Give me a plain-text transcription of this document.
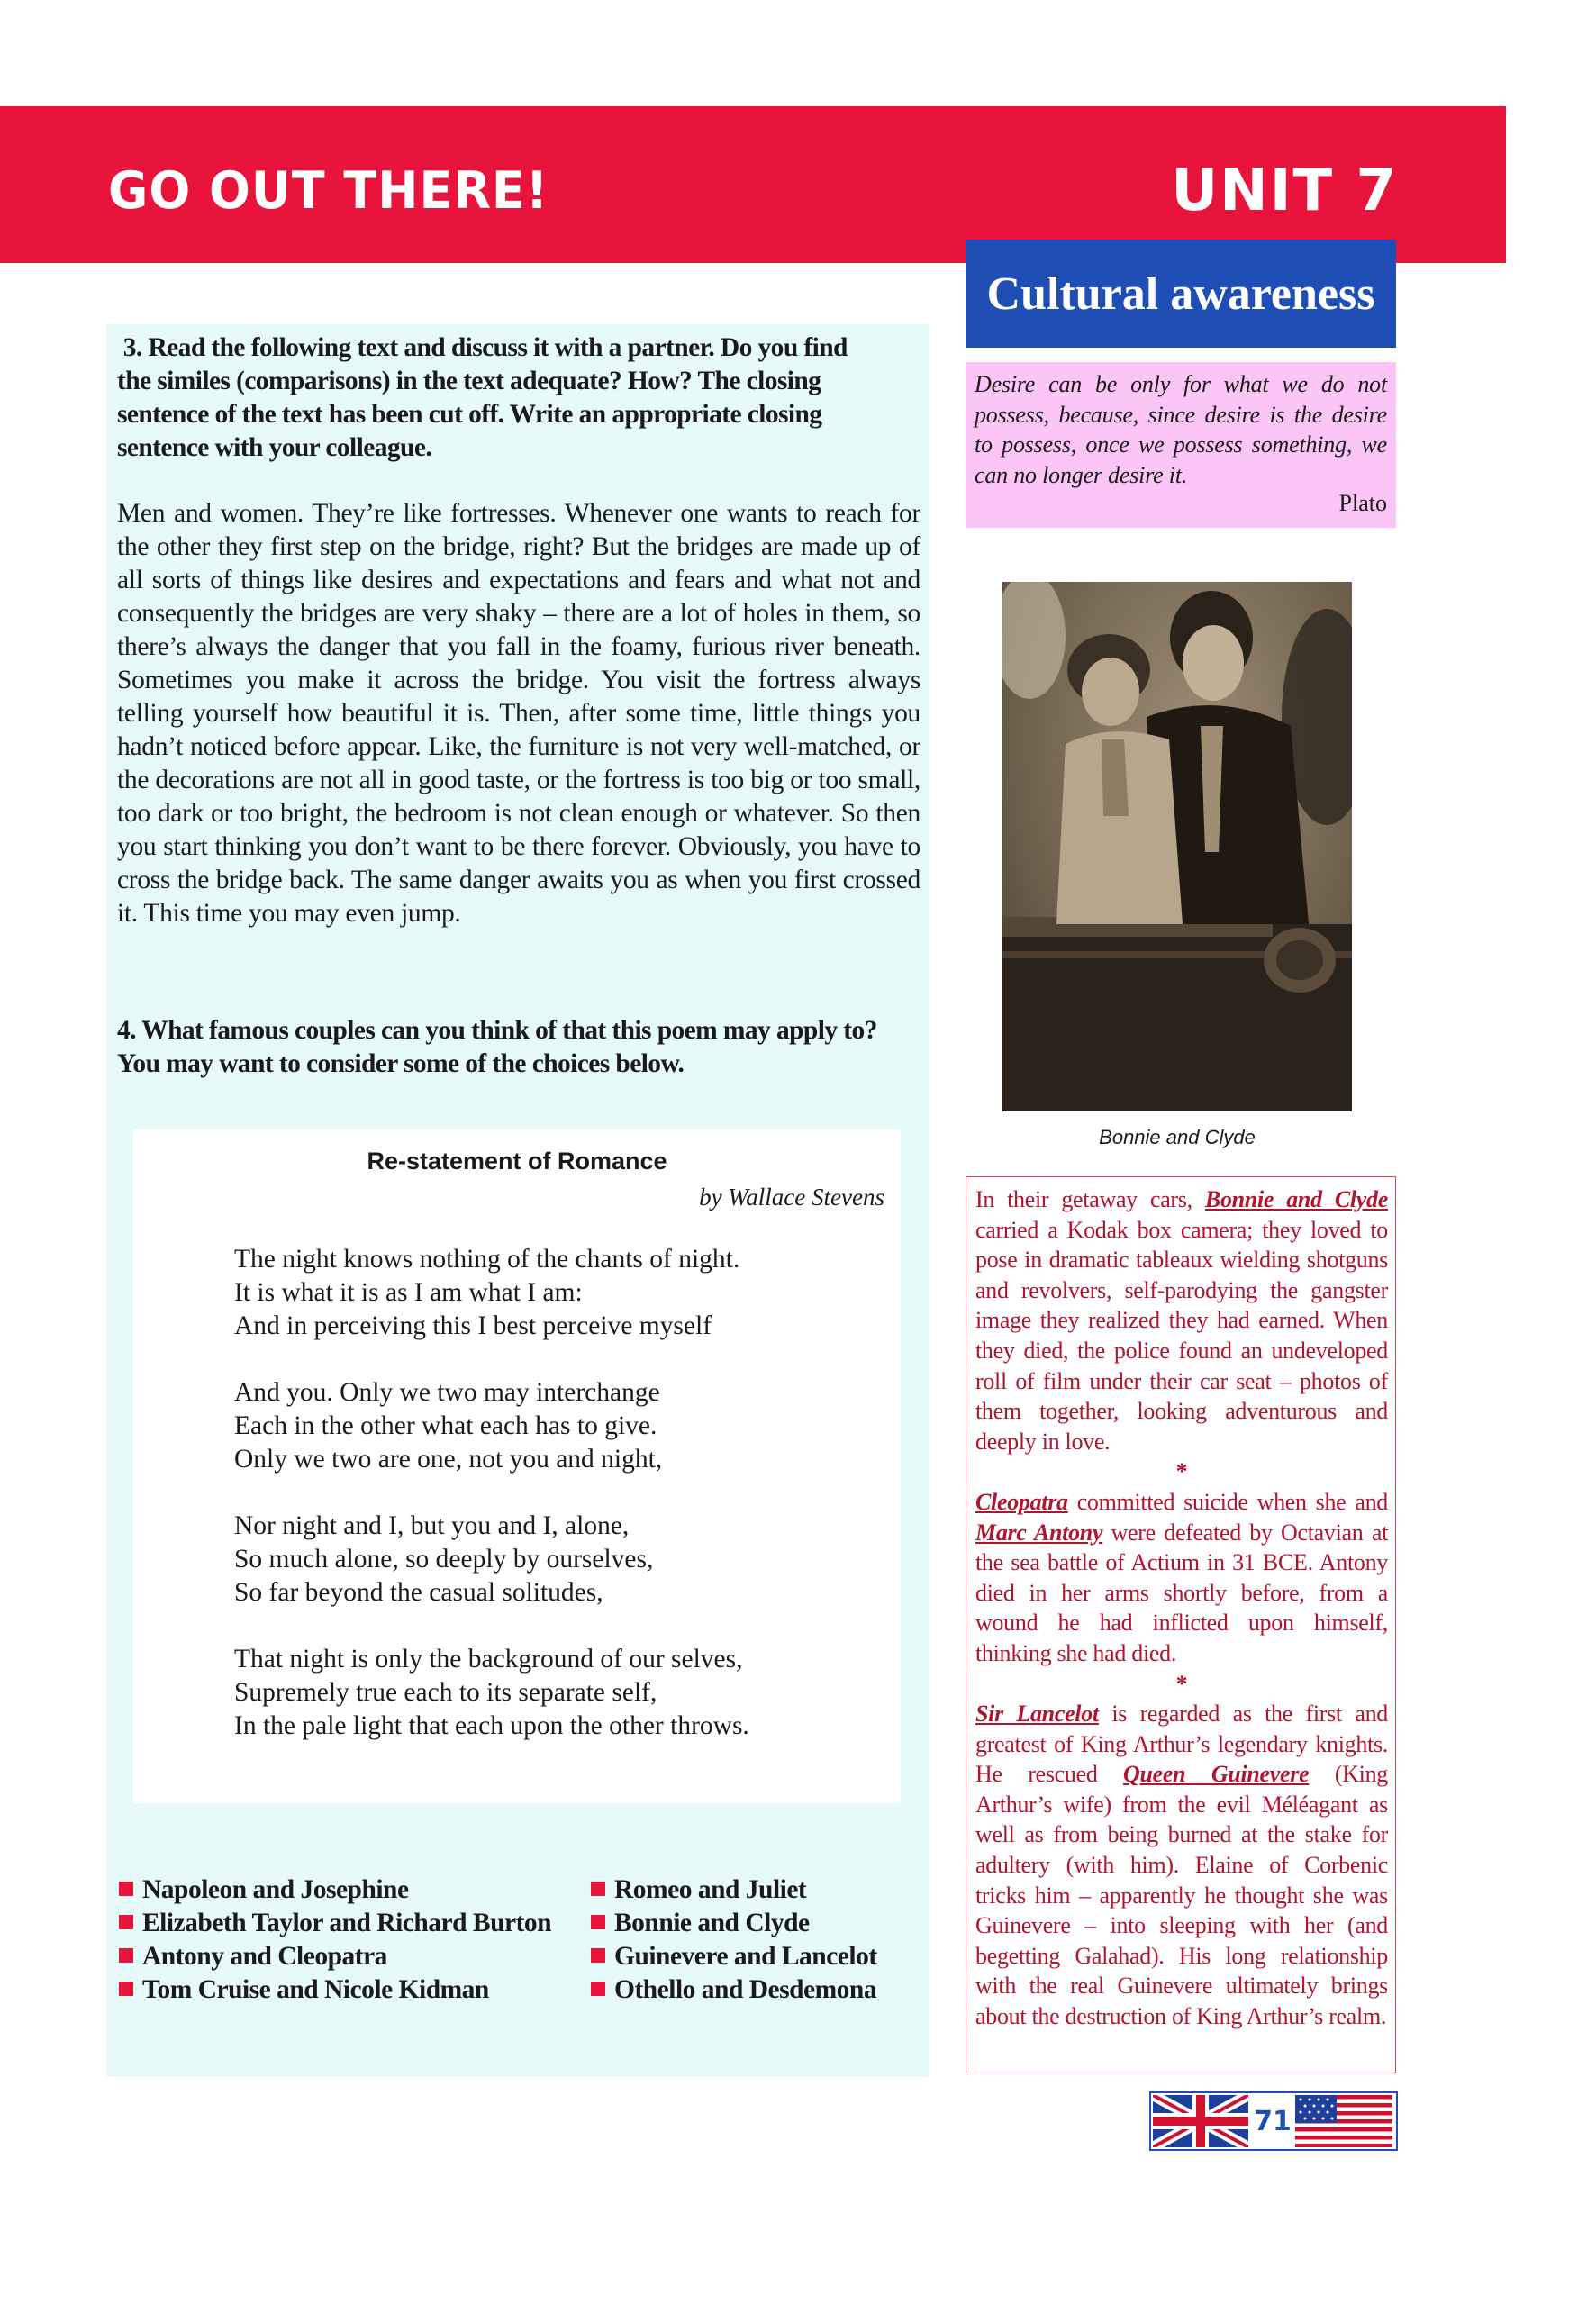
GO OUT THERE!	UNIT 7
Cultural awareness
3. Read the following text and discuss it with a partner. Do you find
the similes (comparisons) in the text adequate? How? The closing
sentence of the text has been cut off. Write an appropriate closing
sentence with your colleague.
Men and women. They’re like fortresses. Whenever one wants to reach for the other they first step on the bridge, right? But the bridges are made up of all sorts of things like desires and expectations and fears and what not and consequently the bridges are very shaky – there are a lot of holes in them, so there’s always the danger that you fall in the foamy, furious river beneath. Sometimes you make it across the bridge. You visit the fortress always telling yourself how beautiful it is. Then, after some time, little things you hadn’t noticed before appear. Like, the furniture is not very well-matched, or the decorations are not all in good taste, or the fortress is too big or too small, too dark or too bright, the bedroom is not clean enough or whatever. So then you start thinking you don’t want to be there forever. Obviously, you have to cross the bridge back. The same danger awaits you as when you first crossed it. This time you may even jump.
4. What famous couples can you think of that this poem may apply to?
You may want to consider some of the choices below.
Re-statement of Romance
by Wallace Stevens
The night knows nothing of the chants of night.
It is what it is as I am what I am:
And in perceiving this I best perceive myself
And you. Only we two may interchange
Each in the other what each has to give.
Only we two are one, not you and night,
Nor night and I, but you and I, alone,
So much alone, so deeply by ourselves,
So far beyond the casual solitudes,
That night is only the background of our selves,
Supremely true each to its separate self,
In the pale light that each upon the other throws.
Napoleon and Josephine
Elizabeth Taylor and Richard Burton
Antony and Cleopatra
Tom Cruise and Nicole Kidman
Romeo and Juliet
Bonnie and Clyde
Guinevere and Lancelot
Othello and Desdemona
Desire can be only for what we do not possess, because, since desire is the desire to possess, once we possess something, we can no longer desire it.
Plato
Bonnie and Clyde
In their getaway cars, Bonnie and Clyde carried a Kodak box camera; they loved to pose in dramatic tableaux wielding shotguns and revolvers, self-parodying the gangster image they realized they had earned. When they died, the police found an undeveloped roll of film under their car seat – photos of them together, looking adventurous and deeply in love.
*
Cleopatra committed suicide when she and Marc Antony were defeated by Octavian at the sea battle of Actium in 31 BCE. Antony died in her arms shortly before, from a wound he had inflicted upon himself, thinking she had died.
*
Sir Lancelot is regarded as the first and greatest of King Arthur’s legendary knights. He rescued Queen Guinevere (King Arthur’s wife) from the evil Méléagant as well as from being burned at the stake for adultery (with him). Elaine of Corbenic tricks him – apparently he thought she was Guinevere – into sleeping with her (and begetting Galahad). His long relationship with the real Guinevere ultimately brings about the destruction of King Arthur’s realm.
71
